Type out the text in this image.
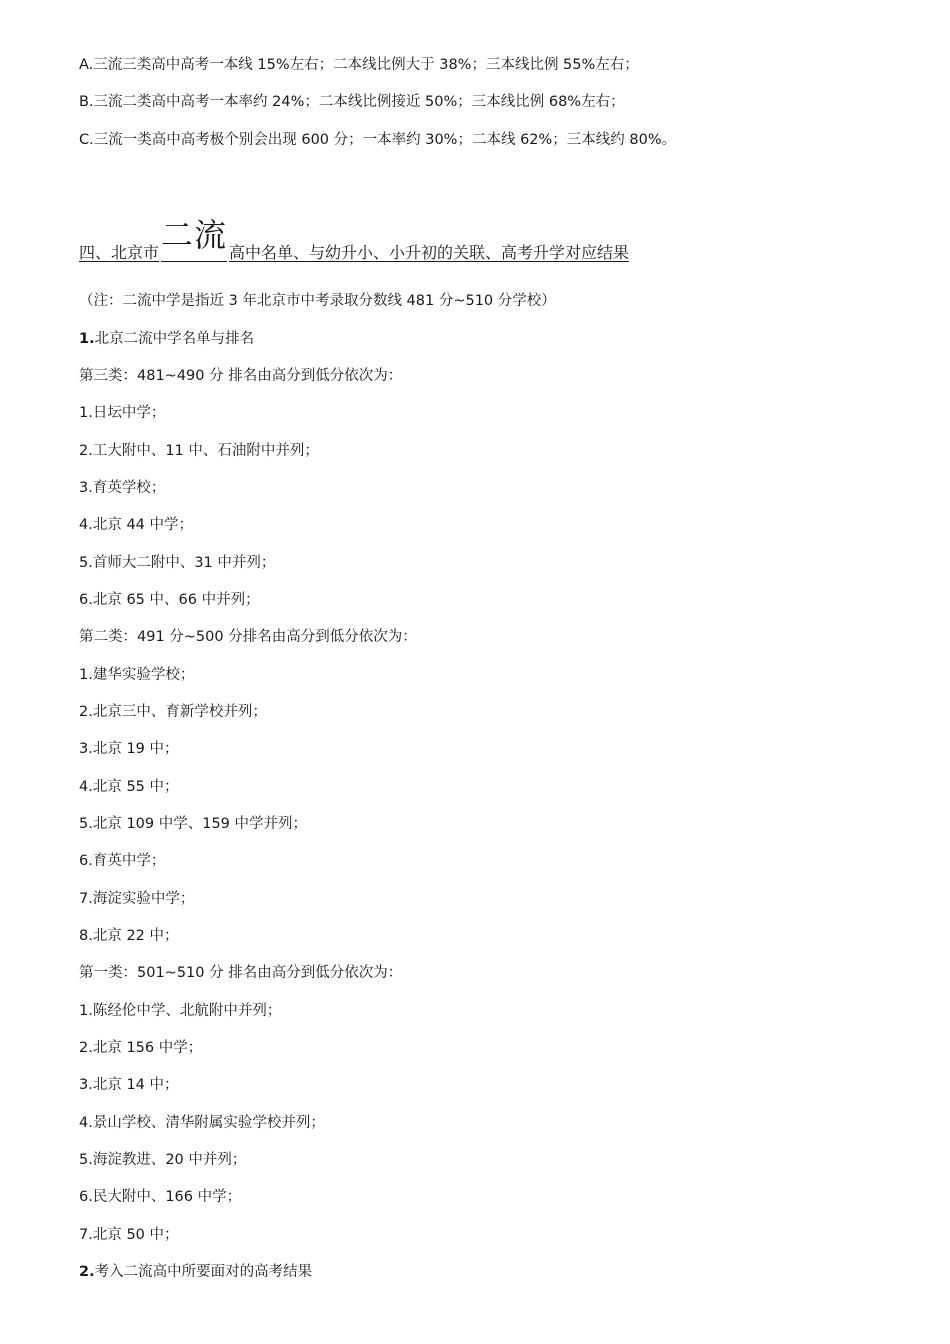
A.三流三类高中高考一本线 15%左右；二本线比例大于 38%；三本线比例 55%左右；
B.三流二类高中高考一本率约 24%；二本线比例接近 50%；三本线比例 68%左右；
C.三流一类高中高考极个别会出现 600 分；一本率约 30%；二本线 62%；三本线约 80%。
四、北京市二流 高中名单、与幼升小、小升初的关联、高考升学对应结果
（注：二流中学是指近 3 年北京市中考录取分数线 481 分~510 分学校）
1.北京二流中学名单与排名
第三类：481~490 分 排名由高分到低分依次为：
1.日坛中学；
2.工大附中、11 中、石油附中并列；
3.育英学校；
4.北京 44 中学；
5.首师大二附中、31 中并列；
6.北京 65 中、66 中并列；
第二类：491 分~500 分排名由高分到低分依次为：
1.建华实验学校；
2.北京三中、育新学校并列；
3.北京 19 中；
4.北京 55 中；
5.北京 109 中学、159 中学并列；
6.育英中学；
7.海淀实验中学；
8.北京 22 中；
第一类：501~510 分 排名由高分到低分依次为：
1.陈经伦中学、北航附中并列；
2.北京 156 中学；
3.北京 14 中；
4.景山学校、清华附属实验学校并列；
5.海淀教进、20 中并列；
6.民大附中、166 中学；
7.北京 50 中；
2.考入二流高中所要面对的高考结果
